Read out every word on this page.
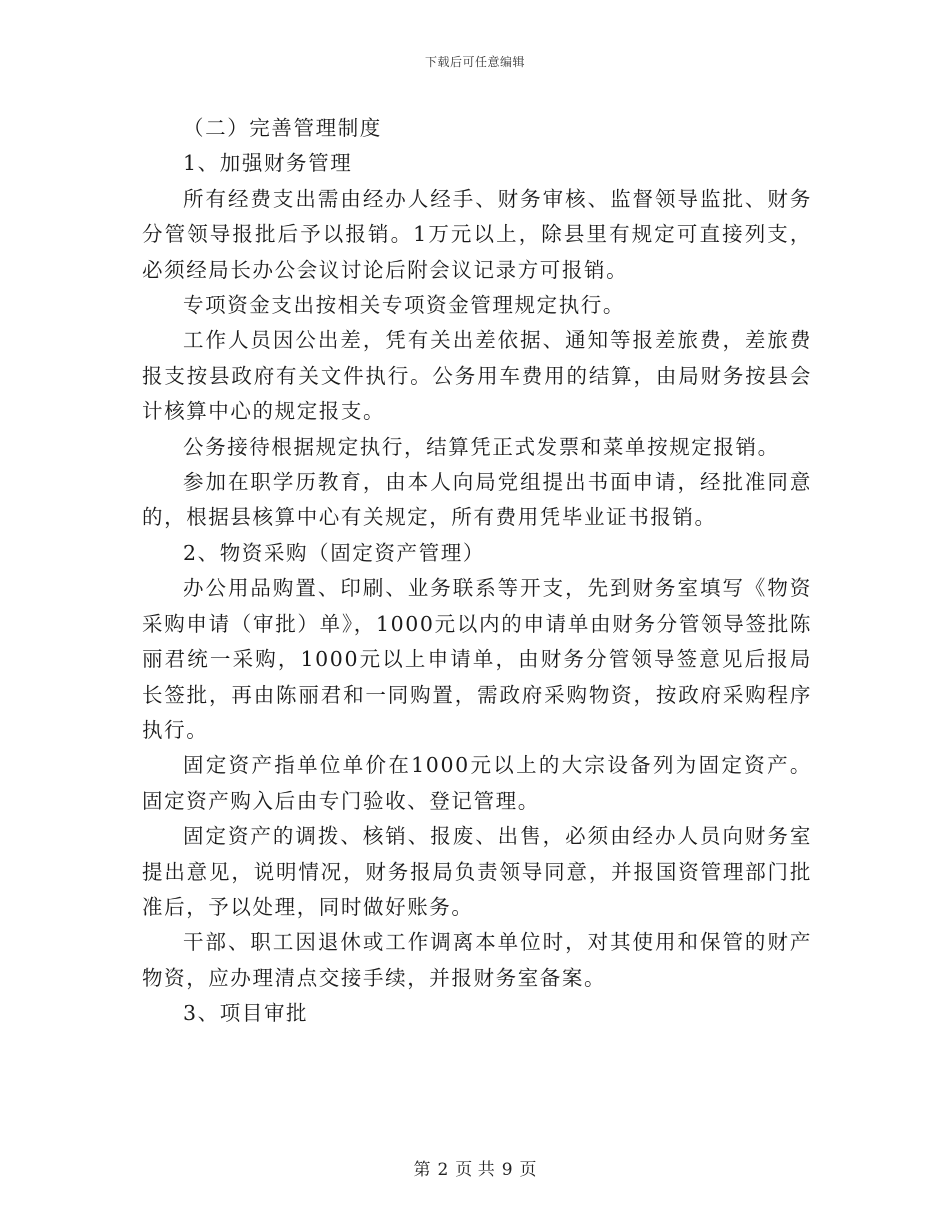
下载后可任意编辑

（二）完善管理制度

1、加强财务管理

所有经费支出需由经办人经手、财务审核、监督领导监批、财务分管领导报批后予以报销。1万元以上，除县里有规定可直接列支，必须经局长办公会议讨论后附会议记录方可报销。

专项资金支出按相关专项资金管理规定执行。

工作人员因公出差，凭有关出差依据、通知等报差旅费，差旅费报支按县政府有关文件执行。公务用车费用的结算，由局财务按县会计核算中心的规定报支。

公务接待根据规定执行，结算凭正式发票和菜单按规定报销。

参加在职学历教育，由本人向局党组提出书面申请，经批准同意的，根据县核算中心有关规定，所有费用凭毕业证书报销。

2、物资采购（固定资产管理）

办公用品购置、印刷、业务联系等开支，先到财务室填写《物资采购申请（审批）单》，1000元以内的申请单由财务分管领导签批陈丽君统一采购，1000元以上申请单，由财务分管领导签意见后报局长签批，再由陈丽君和一同购置，需政府采购物资，按政府采购程序执行。

固定资产指单位单价在1000元以上的大宗设备列为固定资产。固定资产购入后由专门验收、登记管理。

固定资产的调拨、核销、报废、出售，必须由经办人员向财务室提出意见，说明情况，财务报局负责领导同意，并报国资管理部门批准后，予以处理，同时做好账务。

干部、职工因退休或工作调离本单位时，对其使用和保管的财产物资，应办理清点交接手续，并报财务室备案。

3、项目审批

第 2 页 共 9 页
